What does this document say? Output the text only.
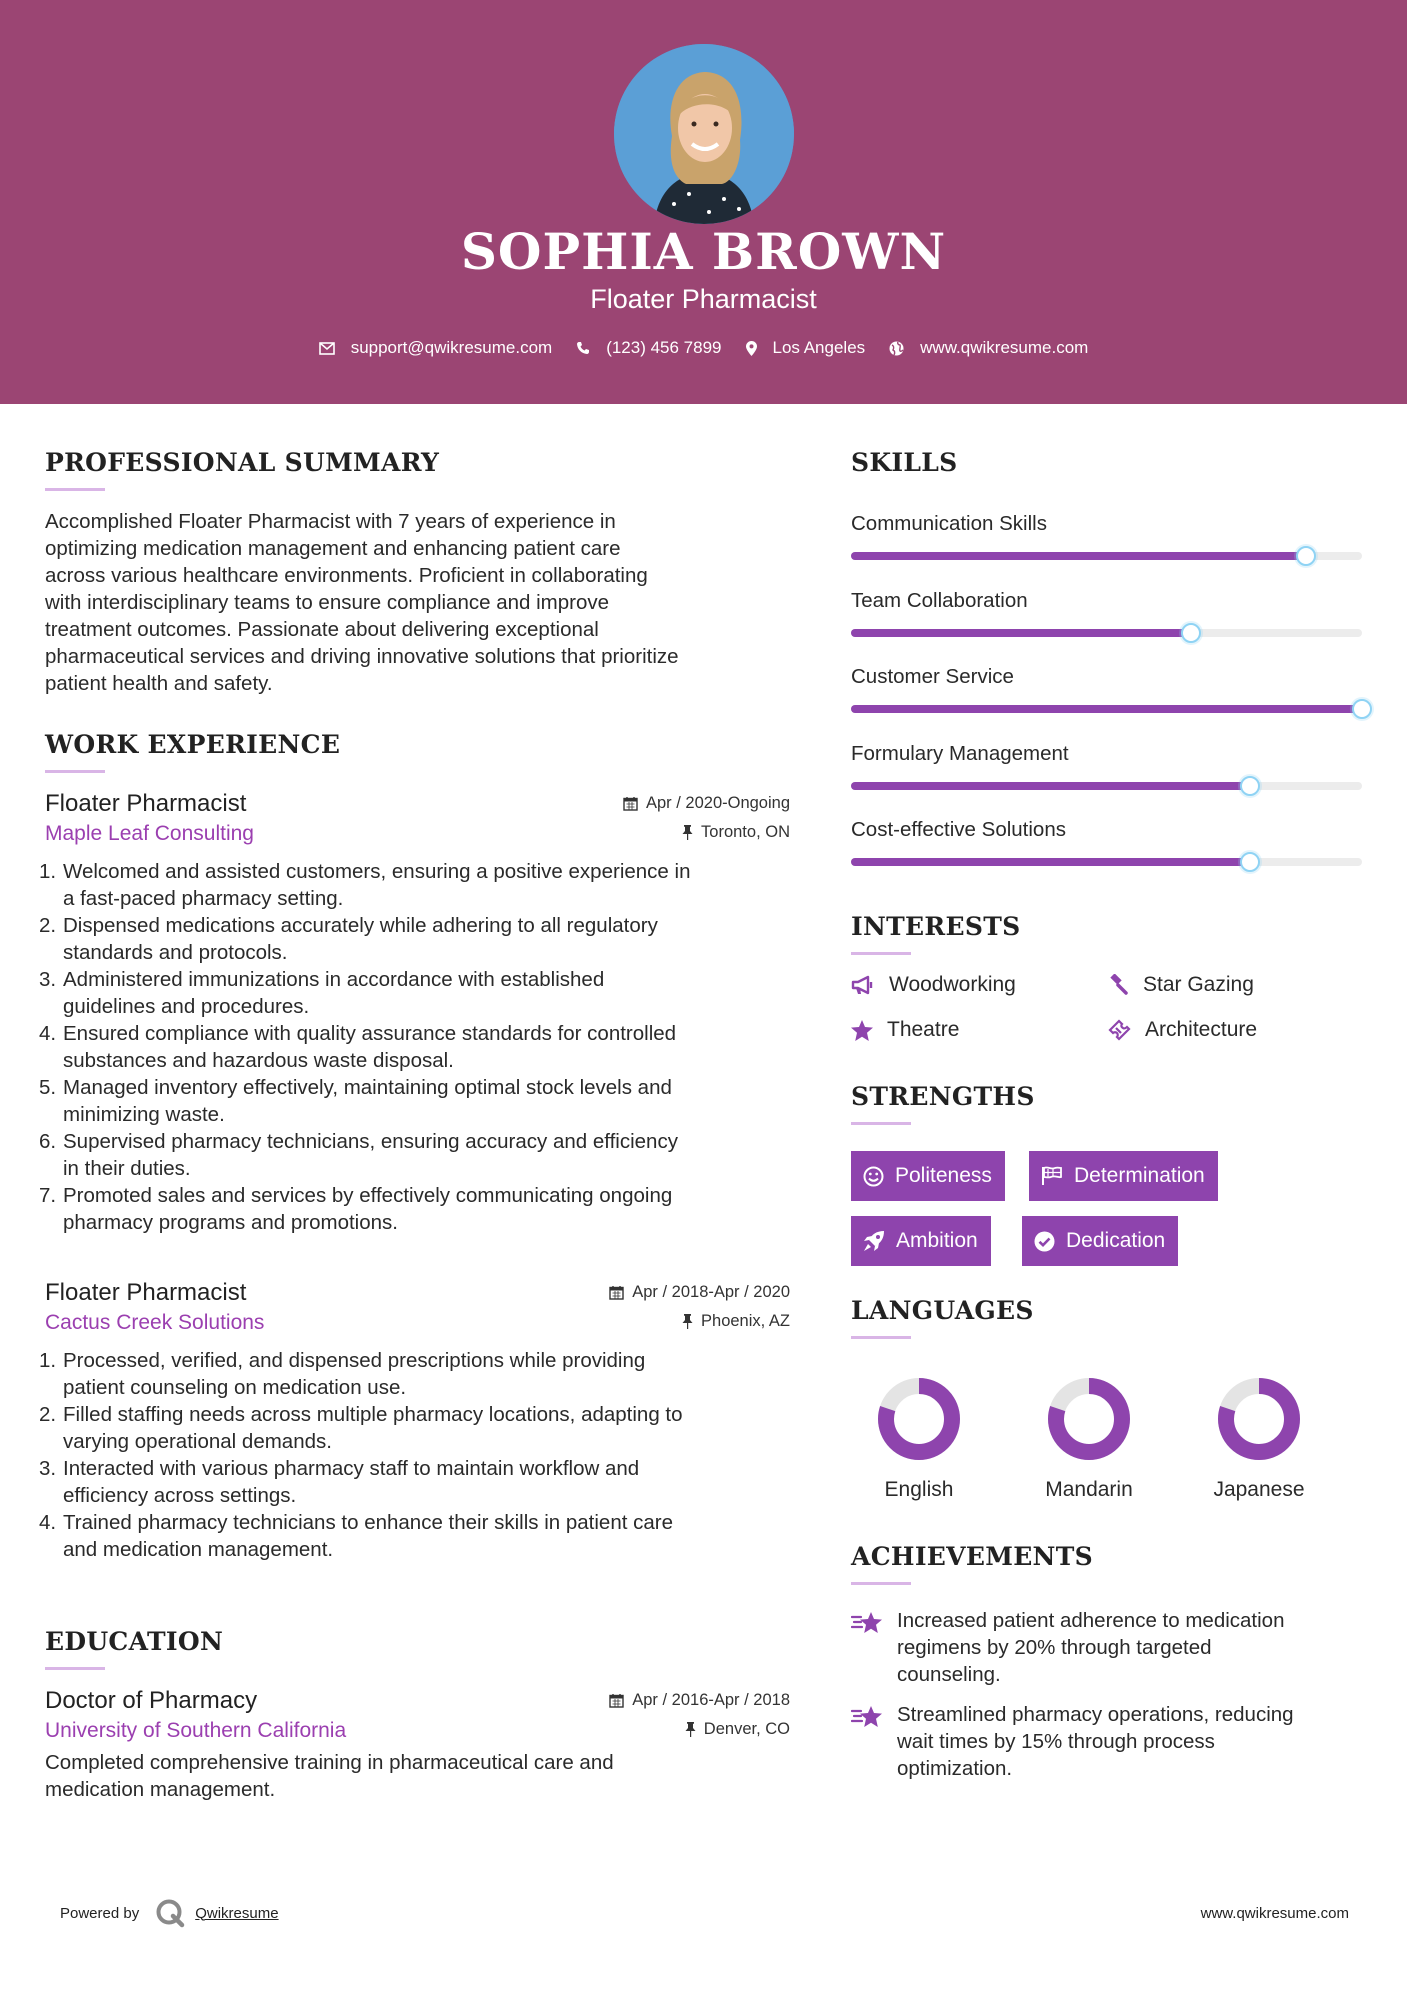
SOPHIA BROWN
Floater Pharmacist
support@qwikresume.com	(123) 456 7899	Los Angeles	www.qwikresume.com
PROFESSIONAL SUMMARY
Accomplished Floater Pharmacist with 7 years of experience in
optimizing medication management and enhancing patient care
across various healthcare environments. Proficient in collaborating
with interdisciplinary teams to ensure compliance and improve
treatment outcomes. Passionate about delivering exceptional
pharmaceutical services and driving innovative solutions that prioritize
patient health and safety.
WORK EXPERIENCE
Floater Pharmacist	Apr / 2020-Ongoing
Maple Leaf Consulting	Toronto, ON
1. Welcomed and assisted customers, ensuring a positive experience in
a fast-paced pharmacy setting.
2. Dispensed medications accurately while adhering to all regulatory
standards and protocols.
3. Administered immunizations in accordance with established
guidelines and procedures.
4. Ensured compliance with quality assurance standards for controlled
substances and hazardous waste disposal.
5. Managed inventory effectively, maintaining optimal stock levels and
minimizing waste.
6. Supervised pharmacy technicians, ensuring accuracy and efficiency
in their duties.
7. Promoted sales and services by effectively communicating ongoing
pharmacy programs and promotions.
Floater Pharmacist	Apr / 2018-Apr / 2020
Cactus Creek Solutions	Phoenix, AZ
1. Processed, verified, and dispensed prescriptions while providing
patient counseling on medication use.
2. Filled staffing needs across multiple pharmacy locations, adapting to
varying operational demands.
3. Interacted with various pharmacy staff to maintain workflow and
efficiency across settings.
4. Trained pharmacy technicians to enhance their skills in patient care
and medication management.
EDUCATION
Doctor of Pharmacy	Apr / 2016-Apr / 2018
University of Southern California	Denver, CO
Completed comprehensive training in pharmaceutical care and
medication management.
SKILLS
Communication Skills
Team Collaboration
Customer Service
Formulary Management
Cost-effective Solutions
INTERESTS
Woodworking	Star Gazing
Theatre	Architecture
STRENGTHS
Politeness	Determination
Ambition	Dedication
LANGUAGES
English	Mandarin	Japanese
ACHIEVEMENTS
Increased patient adherence to medication
regimens by 20% through targeted
counseling.
Streamlined pharmacy operations, reducing
wait times by 15% through process
optimization.
Powered by	Qwikresume	www.qwikresume.com
